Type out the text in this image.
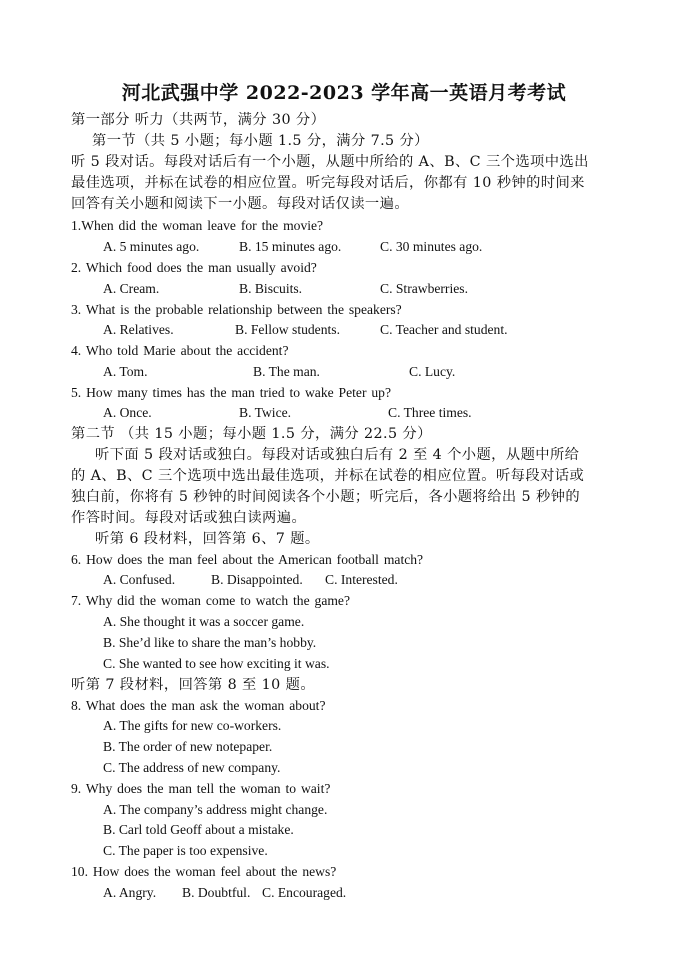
河北武强中学 2022-2023 学年高一英语月考考试
第一部分 听力（共两节，满分 30 分）
第一节（共 5 小题；每小题 1.5 分，满分 7.5 分）
听 5 段对话。每段对话后有一个小题，从题中所给的 A、B、C 三个选项中选出
最佳选项，并标在试卷的相应位置。听完每段对话后，你都有 10 秒钟的时间来
回答有关小题和阅读下一小题。每段对话仅读一遍。
1.When did the woman leave for the movie?
A. 5 minutes ago.	B. 15 minutes ago.	C. 30 minutes ago.
2. Which food does the man usually avoid?
A. Cream.	B. Biscuits.	C. Strawberries.
3. What is the probable relationship between the speakers?
A. Relatives.	B. Fellow students.	C. Teacher and student.
4. Who told Marie about the accident?
A. Tom.	B. The man.	C. Lucy.
5. How many times has the man tried to wake Peter up?
A. Once.	B. Twice.	C. Three times.
第二节 （共 15 小题；每小题 1.5 分，满分 22.5 分）
听下面 5 段对话或独白。每段对话或独白后有 2 至 4 个小题，从题中所给
的 A、B、C 三个选项中选出最佳选项，并标在试卷的相应位置。听每段对话或
独白前，你将有 5 秒钟的时间阅读各个小题；听完后，各小题将给出 5 秒钟的
作答时间。每段对话或独白读两遍。
听第 6 段材料，回答第 6、7 题。
6. How does the man feel about the American football match?
A. Confused.	B. Disappointed. C. Interested.
7. Why did the woman come to watch the game?
A. She thought it was a soccer game.
B. She’d like to share the man’s hobby.
C. She wanted to see how exciting it was.
听第 7 段材料，回答第 8 至 10 题。
8. What does the man ask the woman about?
A. The gifts for new co-workers.
B. The order of new notepaper.
C. The address of new company.
9. Why does the man tell the woman to wait?
A. The company’s address might change.
B. Carl told Geoff about a mistake.
C. The paper is too expensive.
10. How does the woman feel about the news?
A. Angry. B. Doubtful. C. Encouraged.
